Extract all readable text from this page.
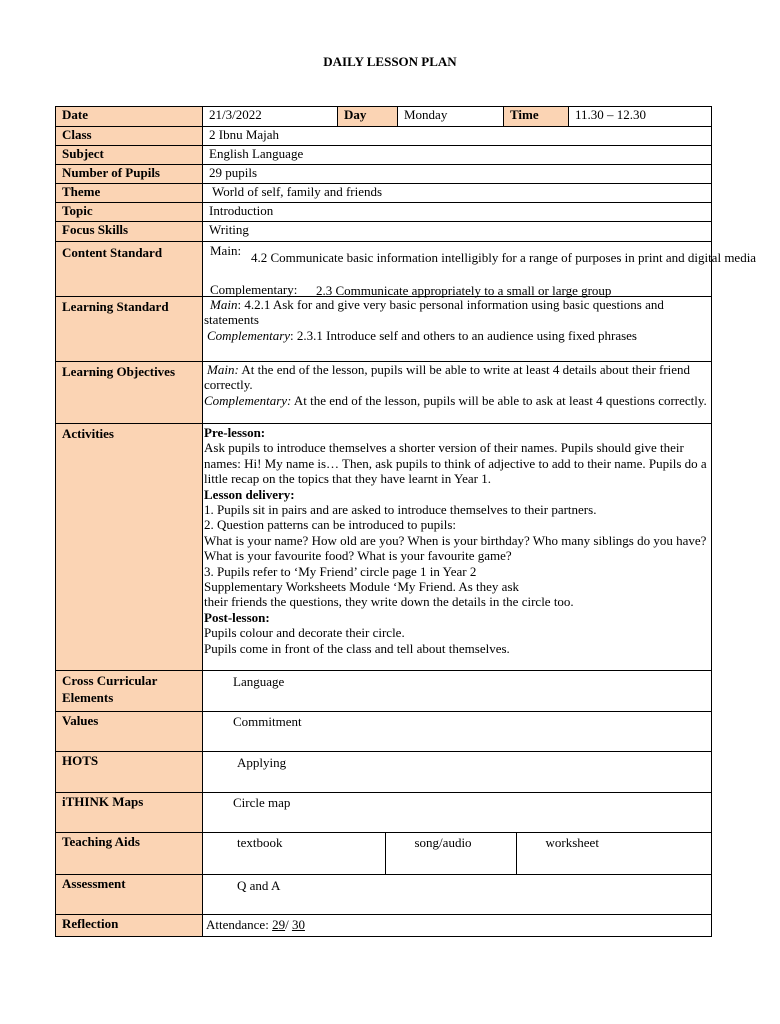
DAILY LESSON PLAN
Date	21/3/2022	Day	Monday	Time	11.30 – 12.30
Class	2 Ibnu Majah
Subject	English Language
Number of Pupils	29 pupils
Theme	World of self, family and friends

Topic	Introduction
Focus Skills	Writing
Content Standard	Main: 4.2 Communicate basic information intelligibly for a range of purposes in print and digital media
Complementary: 2.3 Communicate appropriately to a small or large group

Learning Standard	Main: 4.2.1 Ask for and give very basic personal information using basic questions and statements
Complementary: 2.3.1 Introduce self and others to an audience using fixed phrases

Learning Objectives	Main: At the end of the lesson, pupils will be able to write at least 4 details about their friend correctly.
Complementary: At the end of the lesson, pupils will be able to ask at least 4 questions correctly.

Activities	Pre-lesson:
Ask pupils to introduce themselves a shorter version of their names. Pupils should give their names: Hi! My name is… Then, ask pupils to think of adjective to add to their name. Pupils do a little recap on the topics that they have learnt in Year 1.
Lesson delivery:
1. Pupils sit in pairs and are asked to introduce themselves to their partners.
2. Question patterns can be introduced to pupils:
What is your name? How old are you? When is your birthday? Who many siblings do you have? What is your favourite food? What is your favourite game?
3. Pupils refer to ‘My Friend’ circle page 1 in Year 2
Supplementary Worksheets Module ‘My Friend. As they ask
their friends the questions, they write down the details in the circle too.
Post-lesson:
Pupils colour and decorate their circle.
Pupils come in front of the class and tell about themselves.

Cross Curricular
Elements
	Language
Values	Commitment
HOTS	Applying

iTHINK Maps	Circle map
Teaching Aids		textbook	song/audio	worksheet

Assessment	Q and A

Reflection	Attendance: 29/ 30
